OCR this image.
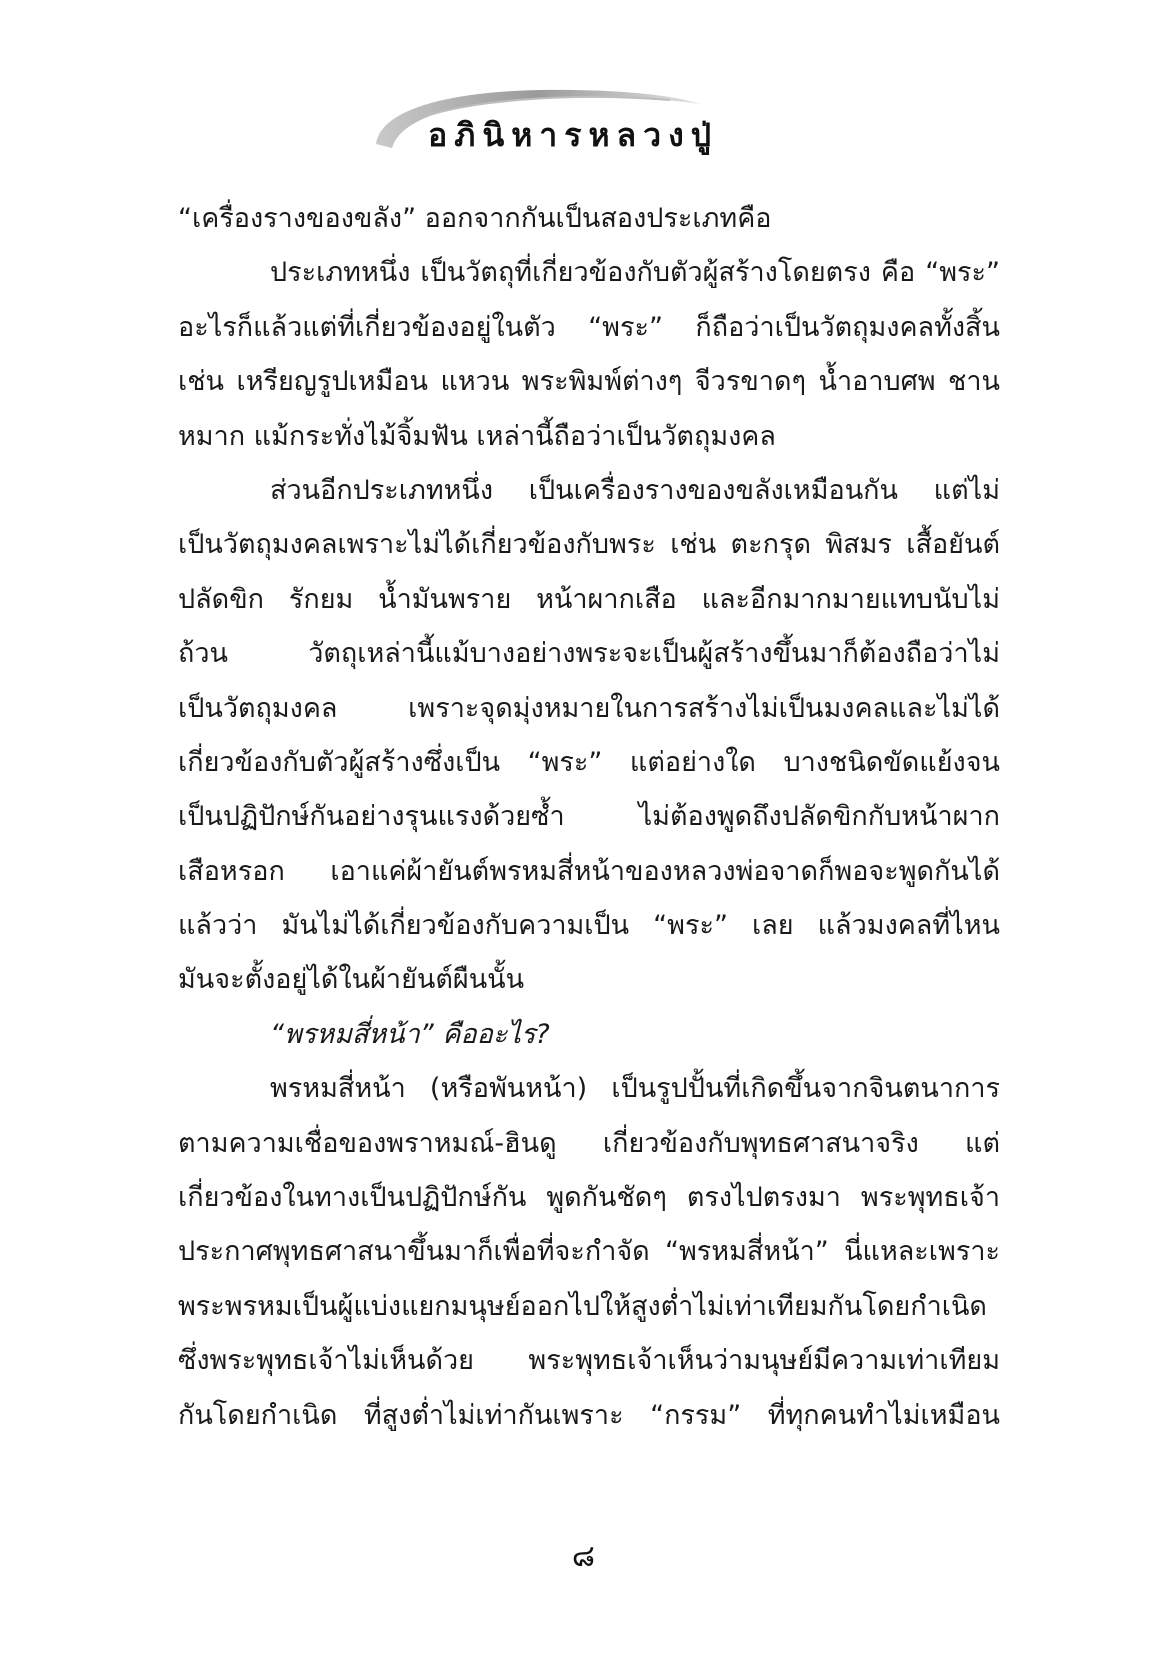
อภินิหารหลวงปู่
“เครื่องรางของขลัง” ออกจากกันเป็นสองประเภทคือ
ประเภทหนึ่ง เป็นวัตถุที่เกี่ยวข้องกับตัวผู้สร้างโดยตรง คือ “พระ”
อะไรก็แล้วแต่ที่เกี่ยวข้องอยู่ในตัว “พระ” ก็ถือว่าเป็นวัตถุมงคลทั้งสิ้น
เช่น เหรียญรูปเหมือน แหวน พระพิมพ์ต่างๆ จีวรขาดๆ น้ำอาบศพ ชาน
หมาก แม้กระทั่งไม้จิ้มฟัน เหล่านี้ถือว่าเป็นวัตถุมงคล
ส่วนอีกประเภทหนึ่ง เป็นเครื่องรางของขลังเหมือนกัน แต่ไม่
เป็นวัตถุมงคลเพราะไม่ได้เกี่ยวข้องกับพระ เช่น ตะกรุด พิสมร เสื้อยันต์
ปลัดขิก รักยม น้ำมันพราย หน้าผากเสือ และอีกมากมายแทบนับไม่
ถ้วน วัตถุเหล่านี้แม้บางอย่างพระจะเป็นผู้สร้างขึ้นมาก็ต้องถือว่าไม่
เป็นวัตถุมงคล เพราะจุดมุ่งหมายในการสร้างไม่เป็นมงคลและไม่ได้
เกี่ยวข้องกับตัวผู้สร้างซึ่งเป็น “พระ” แต่อย่างใด บางชนิดขัดแย้งจน
เป็นปฏิปักษ์กันอย่างรุนแรงด้วยซ้ำ ไม่ต้องพูดถึงปลัดขิกกับหน้าผาก
เสือหรอก เอาแค่ผ้ายันต์พรหมสี่หน้าของหลวงพ่อจาดก็พอจะพูดกันได้
แล้วว่า มันไม่ได้เกี่ยวข้องกับความเป็น “พระ” เลย แล้วมงคลที่ไหน
มันจะตั้งอยู่ได้ในผ้ายันต์ผืนนั้น
“พรหมสี่หน้า” คืออะไร?
พรหมสี่หน้า (หรือพันหน้า) เป็นรูปปั้นที่เกิดขึ้นจากจินตนาการ
ตามความเชื่อของพราหมณ์-ฮินดู เกี่ยวข้องกับพุทธศาสนาจริง แต่
เกี่ยวข้องในทางเป็นปฏิปักษ์กัน พูดกันชัดๆ ตรงไปตรงมา พระพุทธเจ้า
ประกาศพุทธศาสนาขึ้นมาก็เพื่อที่จะกำจัด “พรหมสี่หน้า” นี่แหละเพราะ
พระพรหมเป็นผู้แบ่งแยกมนุษย์ออกไปให้สูงต่ำไม่เท่าเทียมกันโดยกำเนิด
ซึ่งพระพุทธเจ้าไม่เห็นด้วย พระพุทธเจ้าเห็นว่ามนุษย์มีความเท่าเทียม
กันโดยกำเนิด ที่สูงต่ำไม่เท่ากันเพราะ “กรรม” ที่ทุกคนทำไม่เหมือน
๘
